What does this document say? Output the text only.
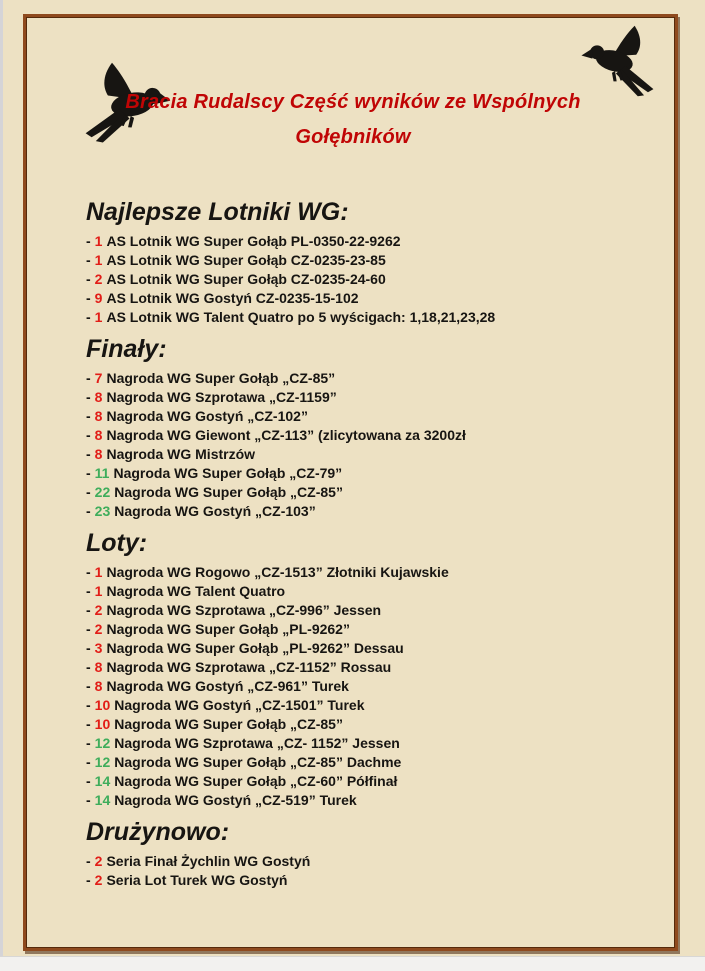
Bracia Rudalscy Część wyników ze Wspólnych Gołębników
Najlepsze Lotniki WG:
- 1 AS Lotnik WG Super Gołąb PL-0350-22-9262
- 1 AS Lotnik WG Super Gołąb CZ-0235-23-85
- 2 AS Lotnik WG Super Gołąb CZ-0235-24-60
- 9 AS Lotnik WG Gostyń CZ-0235-15-102
- 1 AS Lotnik WG Talent Quatro po 5 wyścigach: 1,18,21,23,28
Finały:
- 7 Nagroda WG Super Gołąb „CZ-85”
- 8 Nagroda WG Szprotawa „CZ-1159”
- 8 Nagroda WG Gostyń „CZ-102”
- 8 Nagroda WG Giewont „CZ-113” (zlicytowana za 3200zł
- 8 Nagroda WG Mistrzów
- 11 Nagroda WG Super Gołąb „CZ-79”
- 22 Nagroda WG Super Gołąb „CZ-85”
- 23 Nagroda WG Gostyń „CZ-103”
Loty:
- 1 Nagroda WG Rogowo „CZ-1513” Złotniki Kujawskie
- 1 Nagroda WG Talent Quatro
- 2 Nagroda WG Szprotawa „CZ-996” Jessen
- 2 Nagroda WG Super Gołąb „PL-9262”
- 3 Nagroda WG Super Gołąb „PL-9262” Dessau
- 8 Nagroda WG Szprotawa „CZ-1152” Rossau
- 8 Nagroda WG Gostyń „CZ-961” Turek
- 10 Nagroda WG Gostyń „CZ-1501” Turek
- 10 Nagroda WG Super Gołąb „CZ-85”
- 12 Nagroda WG Szprotawa „CZ- 1152” Jessen
- 12 Nagroda WG Super Gołąb „CZ-85” Dachme
- 14 Nagroda WG Super Gołąb „CZ-60” Półfinał
- 14 Nagroda WG Gostyń „CZ-519” Turek
Drużynowo:
- 2 Seria Finał Żychlin WG Gostyń
- 2 Seria Lot Turek WG Gostyń
